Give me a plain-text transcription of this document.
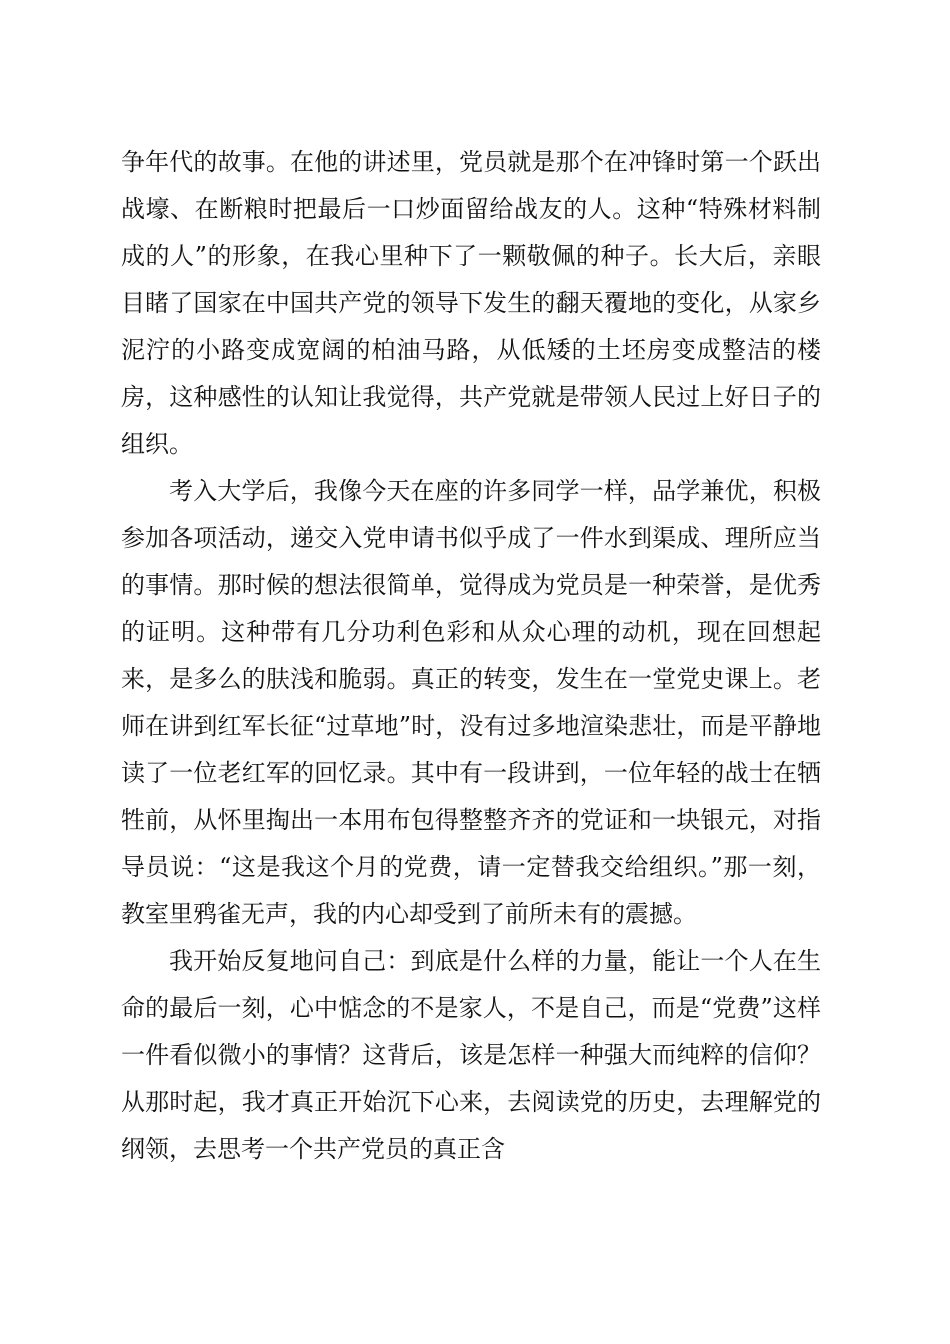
争年代的故事。在他的讲述里，党员就是那个在冲锋时第一个跃出战壕、在断粮时把最后一口炒面留给战友的人。这种“特殊材料制成的人”的形象，在我心里种下了一颗敬佩的种子。长大后，亲眼目睹了国家在中国共产党的领导下发生的翻天覆地的变化，从家乡泥泞的小路变成宽阔的柏油马路，从低矮的土坯房变成整洁的楼房，这种感性的认知让我觉得，共产党就是带领人民过上好日子的组织。

考入大学后，我像今天在座的许多同学一样，品学兼优，积极参加各项活动，递交入党申请书似乎成了一件水到渠成、理所应当的事情。那时候的想法很简单，觉得成为党员是一种荣誉，是优秀的证明。这种带有几分功利色彩和从众心理的动机，现在回想起来，是多么的肤浅和脆弱。真正的转变，发生在一堂党史课上。老师在讲到红军长征“过草地”时，没有过多地渲染悲壮，而是平静地读了一位老红军的回忆录。其中有一段讲到，一位年轻的战士在牺牲前，从怀里掏出一本用布包得整整齐齐的党证和一块银元，对指导员说：“这是我这个月的党费，请一定替我交给组织。”那一刻，教室里鸦雀无声，我的内心却受到了前所未有的震撼。

我开始反复地问自己：到底是什么样的力量，能让一个人在生命的最后一刻，心中惦念的不是家人，不是自己，而是“党费”这样一件看似微小的事情？这背后，该是怎样一种强大而纯粹的信仰？从那时起，我才真正开始沉下心来，去阅读党的历史，去理解党的纲领，去思考一个共产党员的真正含
